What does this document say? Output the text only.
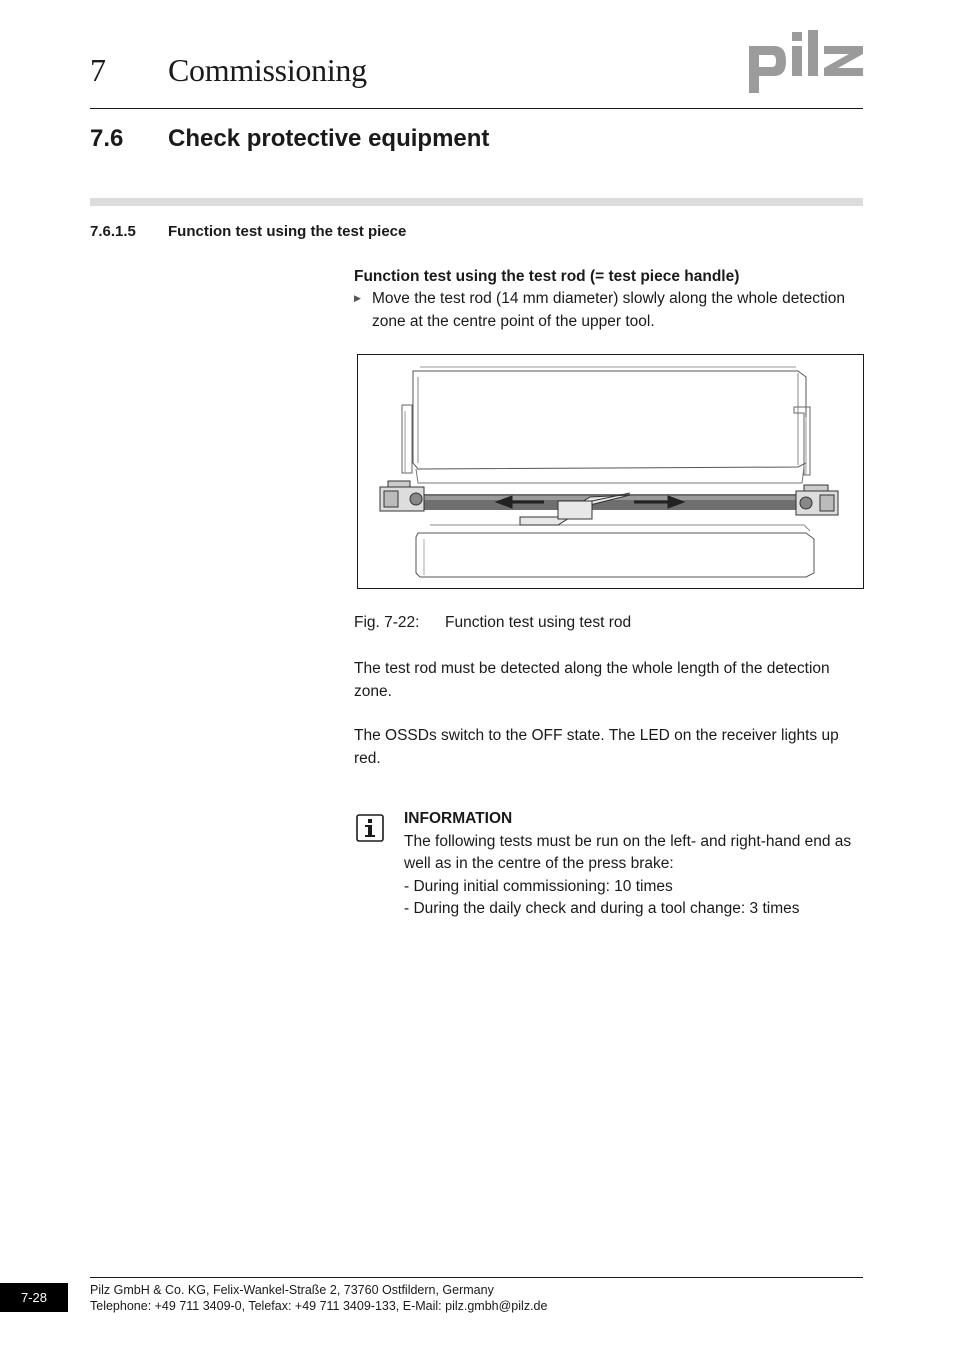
7 Commissioning
7.6 Check protective equipment
7.6.1.5 Function test using the test piece
Function test using the test rod (= test piece handle)
▶ Move the test rod (14 mm diameter) slowly along the whole detection zone at the centre point of the upper tool.
Fig. 7-22: Function test using test rod
The test rod must be detected along the whole length of the detection zone.
The OSSDs switch to the OFF state. The LED on the receiver lights up red.
INFORMATION
The following tests must be run on the left- and right-hand end as well as in the centre of the press brake:
- During initial commissioning: 10 times
- During the daily check and during a tool change: 3 times
7-28	Pilz GmbH & Co. KG, Felix-Wankel-Straße 2, 73760 Ostfildern, Germany
Telephone: +49 711 3409-0, Telefax: +49 711 3409-133, E-Mail: pilz.gmbh@pilz.de
